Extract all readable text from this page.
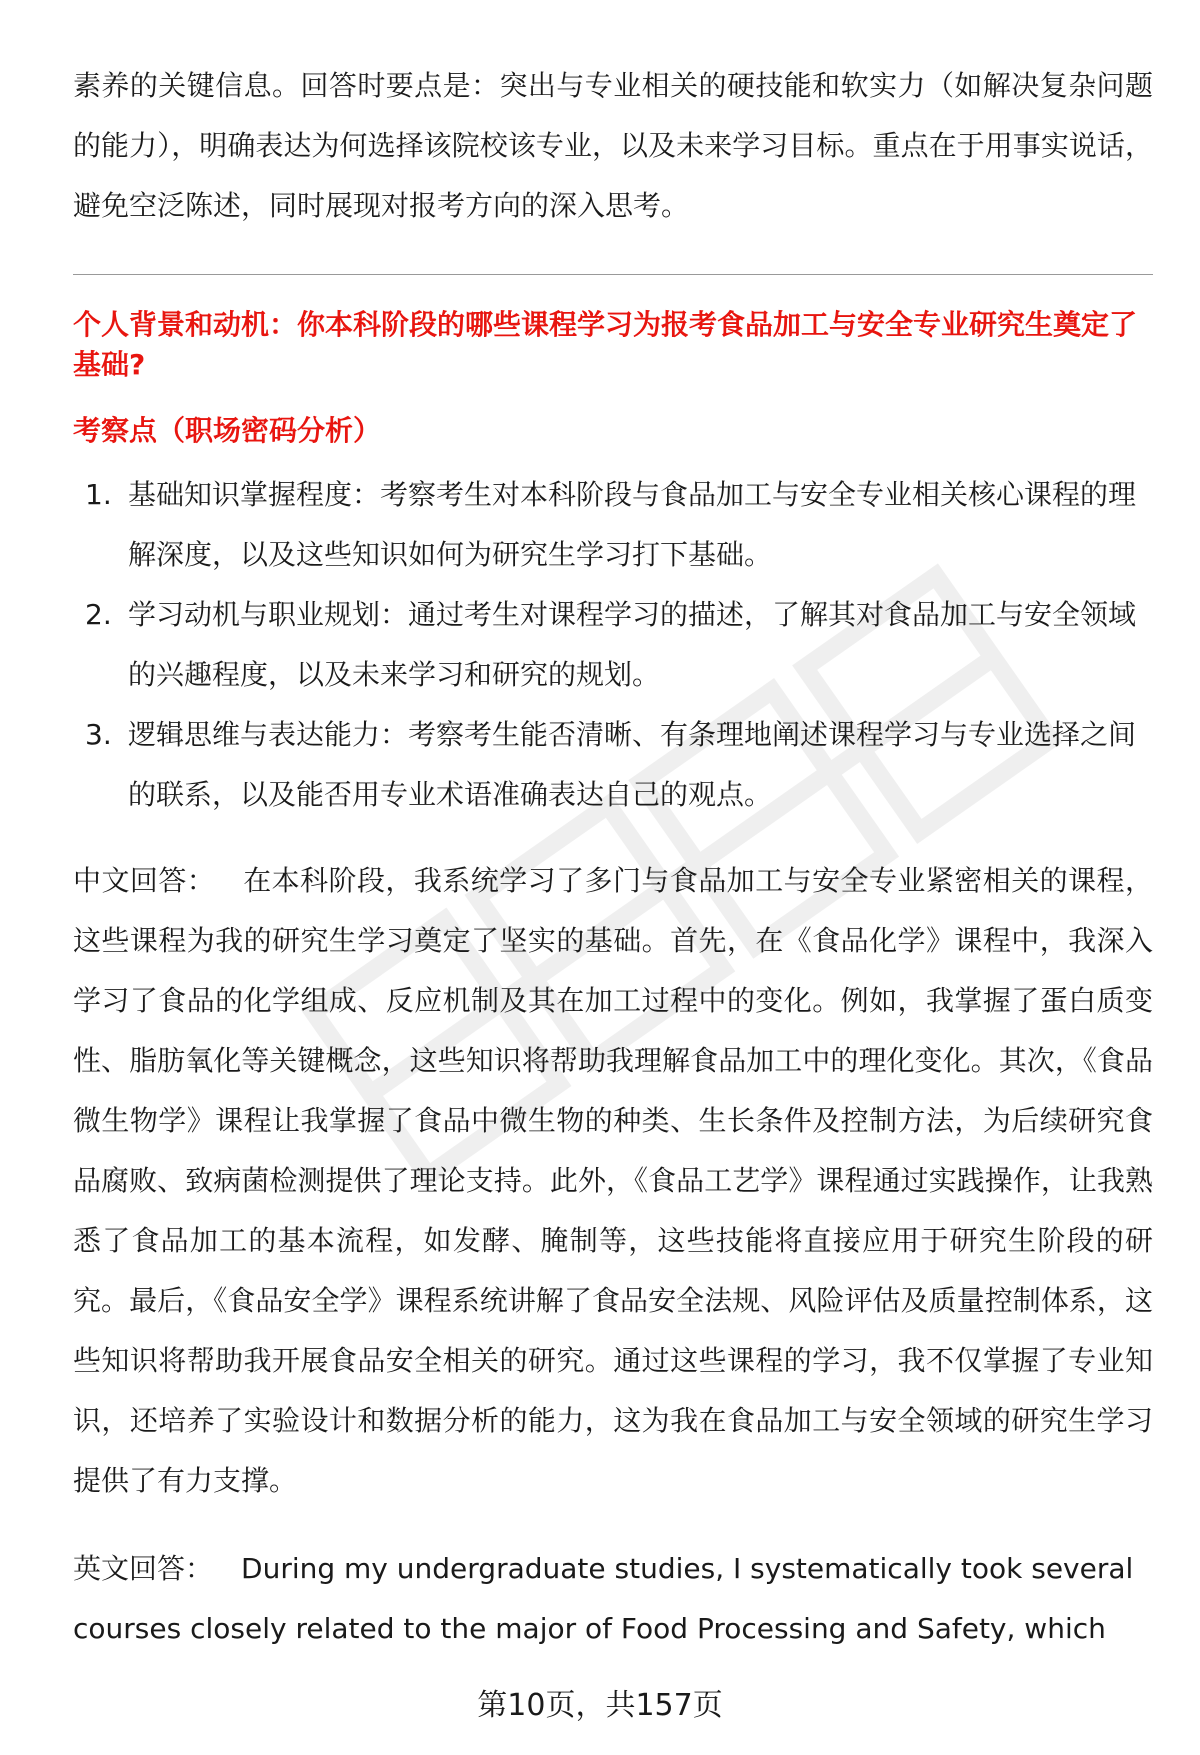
素养的关键信息。回答时要点是：突出与专业相关的硬技能和软实力（如解决复杂问题的能力），明确表达为何选择该院校该专业，以及未来学习目标。重点在于用事实说话，避免空泛陈述，同时展现对报考方向的深入思考。

个人背景和动机：你本科阶段的哪些课程学习为报考食品加工与安全专业研究生奠定了基础?

考察点（职场密码分析）

1. 基础知识掌握程度：考察考生对本科阶段与食品加工与安全专业相关核心课程的理解深度，以及这些知识如何为研究生学习打下基础。
2. 学习动机与职业规划：通过考生对课程学习的描述，了解其对食品加工与安全领域的兴趣程度，以及未来学习和研究的规划。
3. 逻辑思维与表达能力：考察考生能否清晰、有条理地阐述课程学习与专业选择之间的联系，以及能否用专业术语准确表达自己的观点。

中文回答： 在本科阶段，我系统学习了多门与食品加工与安全专业紧密相关的课程，这些课程为我的研究生学习奠定了坚实的基础。首先，在《食品化学》课程中，我深入学习了食品的化学组成、反应机制及其在加工过程中的变化。例如，我掌握了蛋白质变性、脂肪氧化等关键概念，这些知识将帮助我理解食品加工中的理化变化。其次，《食品微生物学》课程让我掌握了食品中微生物的种类、生长条件及控制方法，为后续研究食品腐败、致病菌检测提供了理论支持。此外，《食品工艺学》课程通过实践操作，让我熟悉了食品加工的基本流程，如发酵、腌制等，这些技能将直接应用于研究生阶段的研究。最后，《食品安全学》课程系统讲解了食品安全法规、风险评估及质量控制体系，这些知识将帮助我开展食品安全相关的研究。通过这些课程的学习，我不仅掌握了专业知识，还培养了实验设计和数据分析的能力，这为我在食品加工与安全领域的研究生学习提供了有力支撑。

英文回答： During my undergraduate studies, I systematically took several courses closely related to the major of Food Processing and Safety, which

第10页，共157页
